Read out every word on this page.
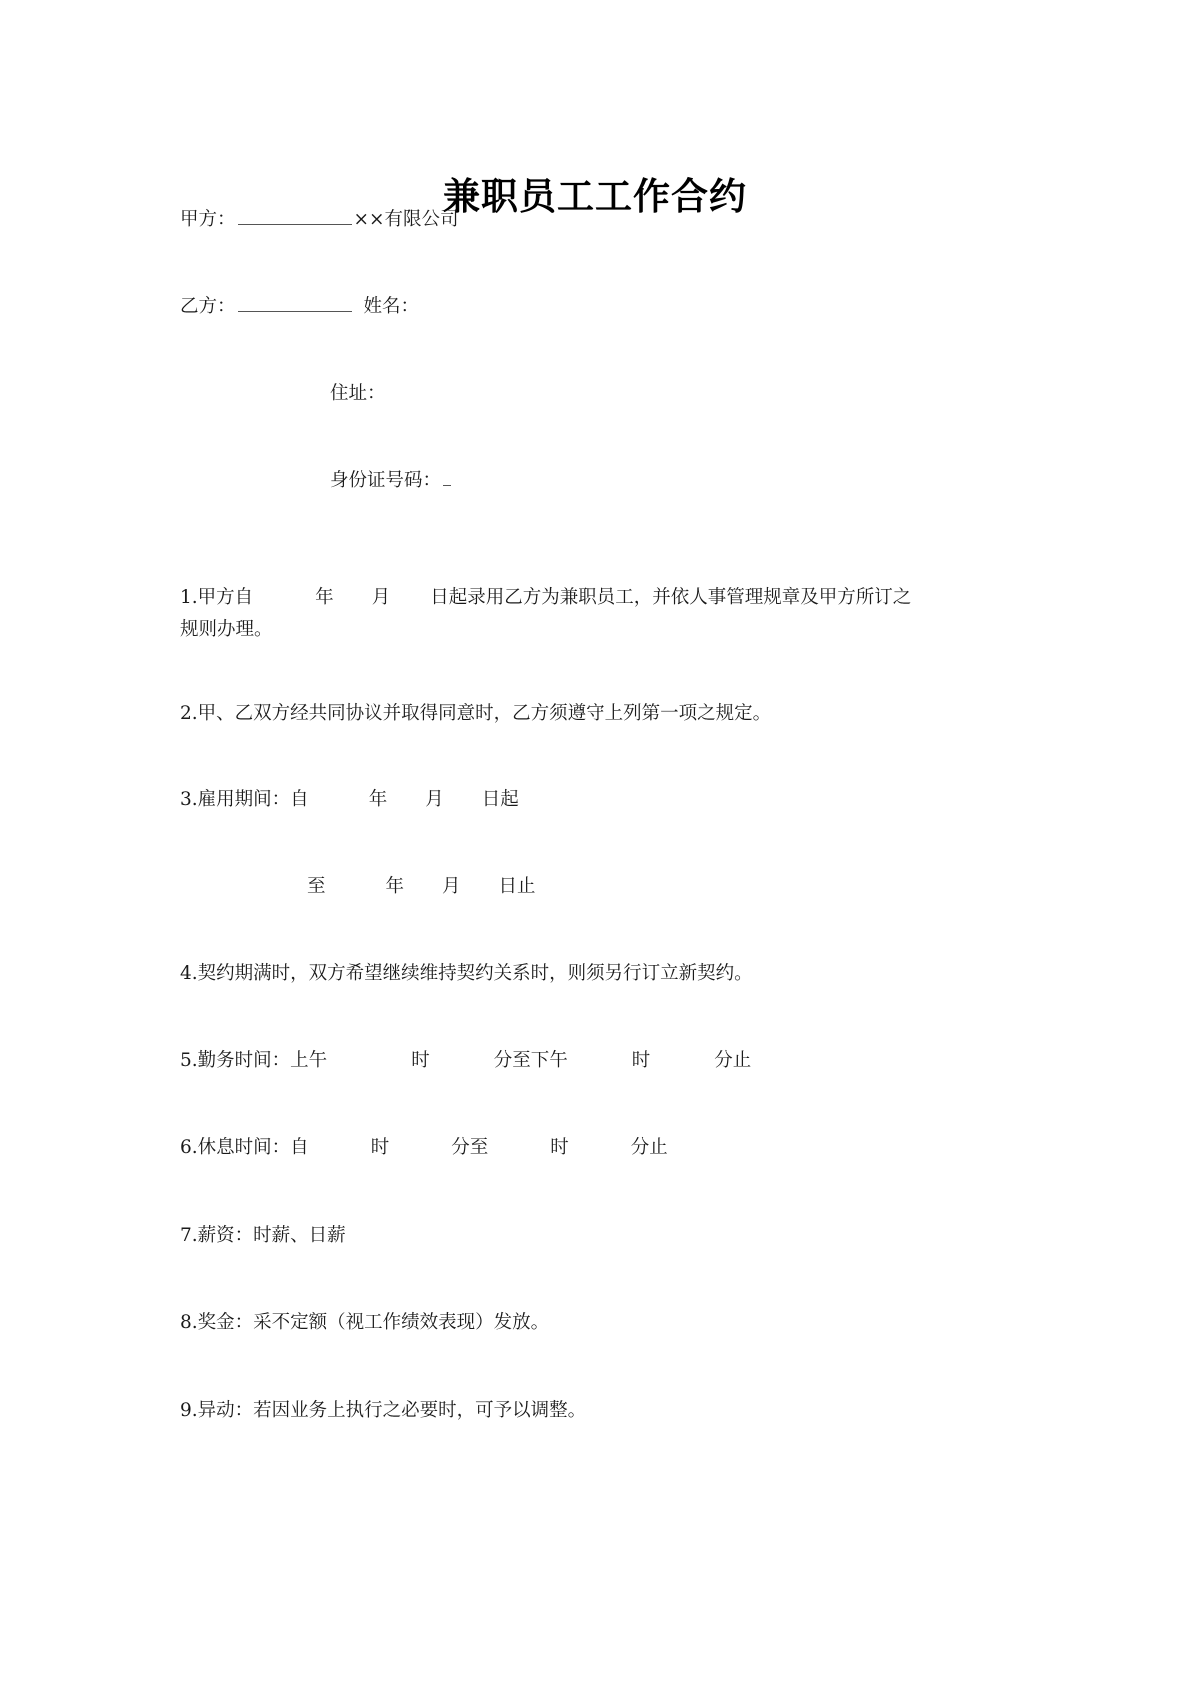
兼职员工工作合约
甲方：	××有限公司
乙方：	姓名：
住址：
身份证号码：
1.甲方自	年 月 日起录用乙方为兼职员工，并依人事管理规章及甲方所订之
规则办理。
2.甲、乙双方经共同协议并取得同意时，乙方须遵守上列第一项之规定。
3.雇用期间：自	年 月 日起
至	年 月 日止
4.契约期满时，双方希望继续维持契约关系时，则须另行订立新契约。
5.勤务时间：上午	时	分至下午	时	分止
6.休息时间：自	时	分至	时	分止
7.薪资：时薪、日薪
8.奖金：采不定额（视工作绩效表现）发放。
9.异动：若因业务上执行之必要时，可予以调整。
